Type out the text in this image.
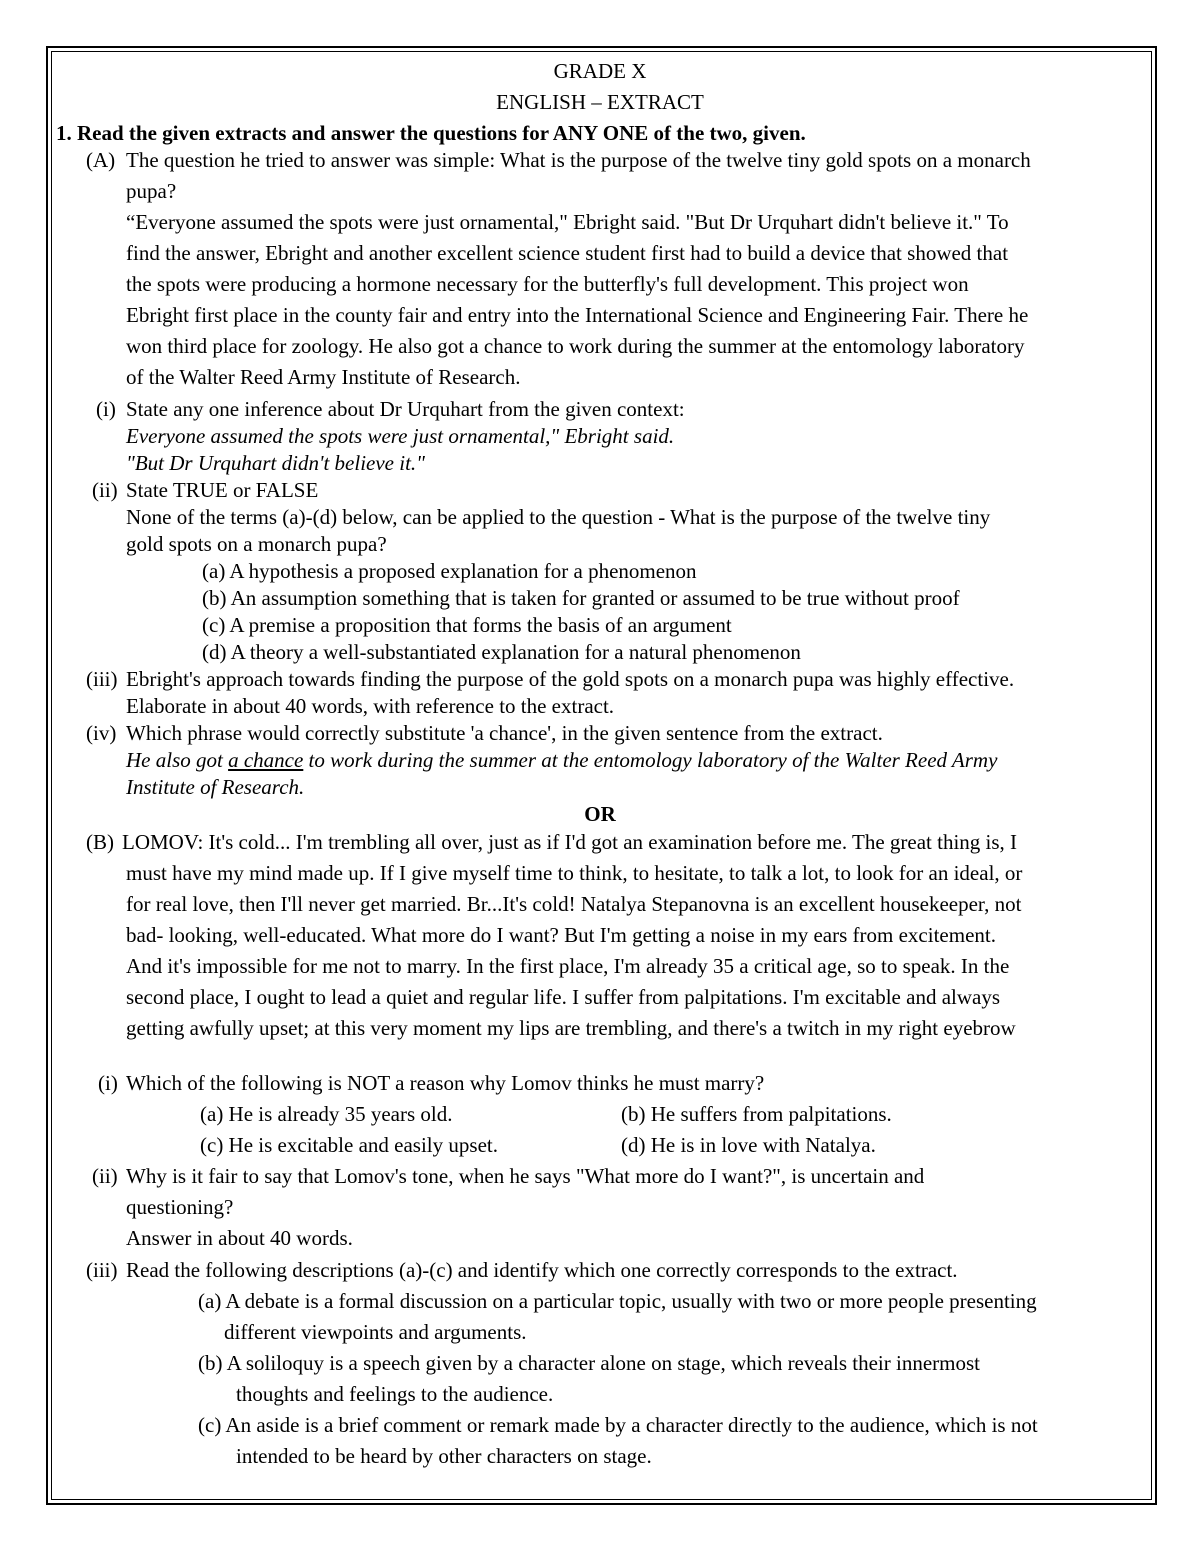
GRADE X
ENGLISH – EXTRACT
1. Read the given extracts and answer the questions for ANY ONE of the two, given.
(A) The question he tried to answer was simple: What is the purpose of the twelve tiny gold spots on a monarch
pupa?
“Everyone assumed the spots were just ornamental," Ebright said. "But Dr Urquhart didn't believe it." To
find the answer, Ebright and another excellent science student first had to build a device that showed that
the spots were producing a hormone necessary for the butterfly's full development. This project won
Ebright first place in the county fair and entry into the International Science and Engineering Fair. There he
won third place for zoology. He also got a chance to work during the summer at the entomology laboratory
of the Walter Reed Army Institute of Research.
(i) State any one inference about Dr Urquhart from the given context:
Everyone assumed the spots were just ornamental," Ebright said.
"But Dr Urquhart didn't believe it."
(ii) State TRUE or FALSE
None of the terms (a)-(d) below, can be applied to the question - What is the purpose of the twelve tiny
gold spots on a monarch pupa?
(a) A hypothesis a proposed explanation for a phenomenon
(b) An assumption something that is taken for granted or assumed to be true without proof
(c) A premise a proposition that forms the basis of an argument
(d) A theory a well-substantiated explanation for a natural phenomenon
(iii) Ebright's approach towards finding the purpose of the gold spots on a monarch pupa was highly effective.
Elaborate in about 40 words, with reference to the extract.
(iv) Which phrase would correctly substitute 'a chance', in the given sentence from the extract.
He also got a chance to work during the summer at the entomology laboratory of the Walter Reed Army
Institute of Research.
OR
(B) LOMOV: It's cold... I'm trembling all over, just as if I'd got an examination before me. The great thing is, I
must have my mind made up. If I give myself time to think, to hesitate, to talk a lot, to look for an ideal, or
for real love, then I'll never get married. Br...It's cold! Natalya Stepanovna is an excellent housekeeper, not
bad- looking, well-educated. What more do I want? But I'm getting a noise in my ears from excitement.
And it's impossible for me not to marry. In the first place, I'm already 35 a critical age, so to speak. In the
second place, I ought to lead a quiet and regular life. I suffer from palpitations. I'm excitable and always
getting awfully upset; at this very moment my lips are trembling, and there's a twitch in my right eyebrow
(i) Which of the following is NOT a reason why Lomov thinks he must marry?
(a) He is already 35 years old.	(b) He suffers from palpitations.
(c) He is excitable and easily upset.	(d) He is in love with Natalya.
(ii) Why is it fair to say that Lomov's tone, when he says "What more do I want?", is uncertain and
questioning?
Answer in about 40 words.
(iii) Read the following descriptions (a)-(c) and identify which one correctly corresponds to the extract.
(a) A debate is a formal discussion on a particular topic, usually with two or more people presenting
different viewpoints and arguments.
(b) A soliloquy is a speech given by a character alone on stage, which reveals their innermost
thoughts and feelings to the audience.
(c) An aside is a brief comment or remark made by a character directly to the audience, which is not
intended to be heard by other characters on stage.
